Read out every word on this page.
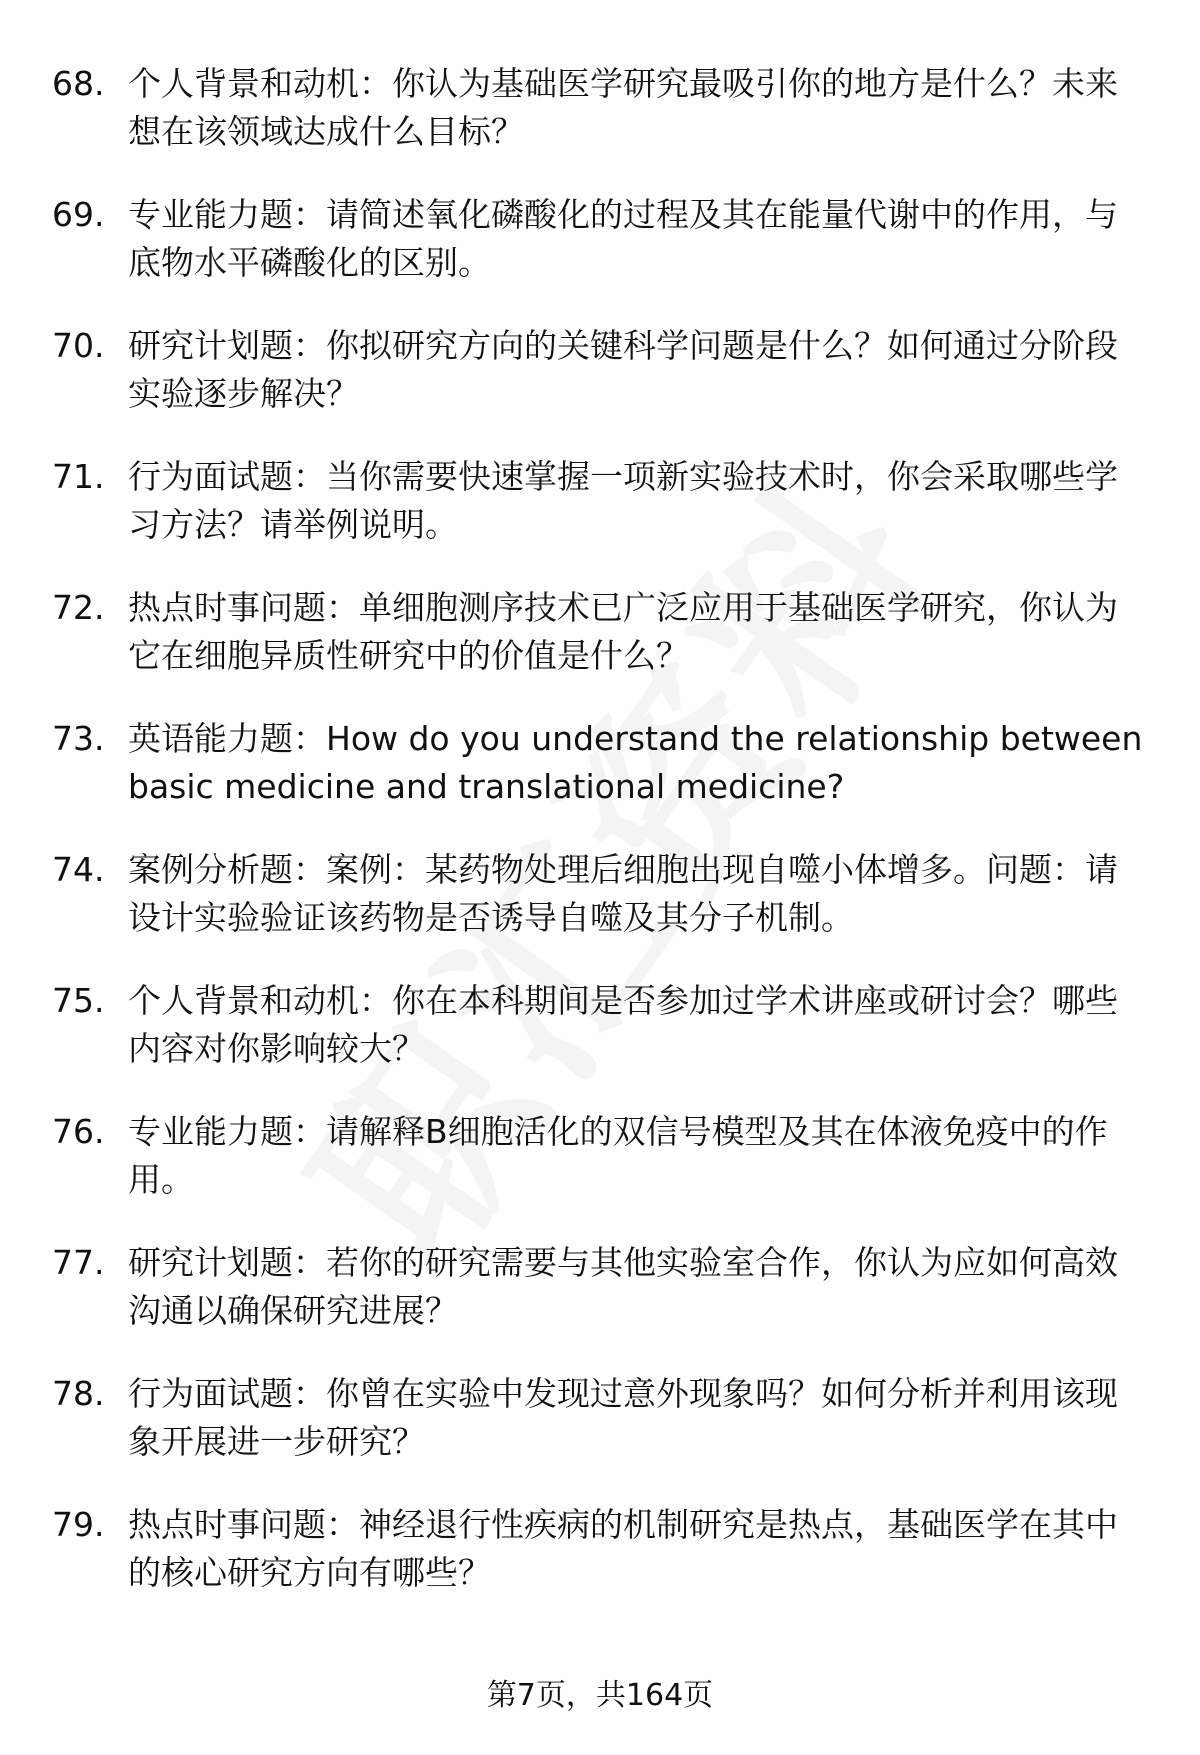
68. 个人背景和动机：你认为基础医学研究最吸引你的地方是什么？未来想在该领域达成什么目标？
69. 专业能力题：请简述氧化磷酸化的过程及其在能量代谢中的作用，与底物水平磷酸化的区别。
70. 研究计划题：你拟研究方向的关键科学问题是什么？如何通过分阶段实验逐步解决？
71. 行为面试题：当你需要快速掌握一项新实验技术时，你会采取哪些学习方法？请举例说明。
72. 热点时事问题：单细胞测序技术已广泛应用于基础医学研究，你认为它在细胞异质性研究中的价值是什么？
73. 英语能力题：How do you understand the relationship between basic medicine and translational medicine?
74. 案例分析题：案例：某药物处理后细胞出现自噬小体增多。问题：请设计实验验证该药物是否诱导自噬及其分子机制。
75. 个人背景和动机：你在本科期间是否参加过学术讲座或研讨会？哪些内容对你影响较大？
76. 专业能力题：请解释B细胞活化的双信号模型及其在体液免疫中的作用。
77. 研究计划题：若你的研究需要与其他实验室合作，你认为应如何高效沟通以确保研究进展？
78. 行为面试题：你曾在实验中发现过意外现象吗？如何分析并利用该现象开展进一步研究？
79. 热点时事问题：神经退行性疾病的机制研究是热点，基础医学在其中的核心研究方向有哪些？
第7页，共164页
